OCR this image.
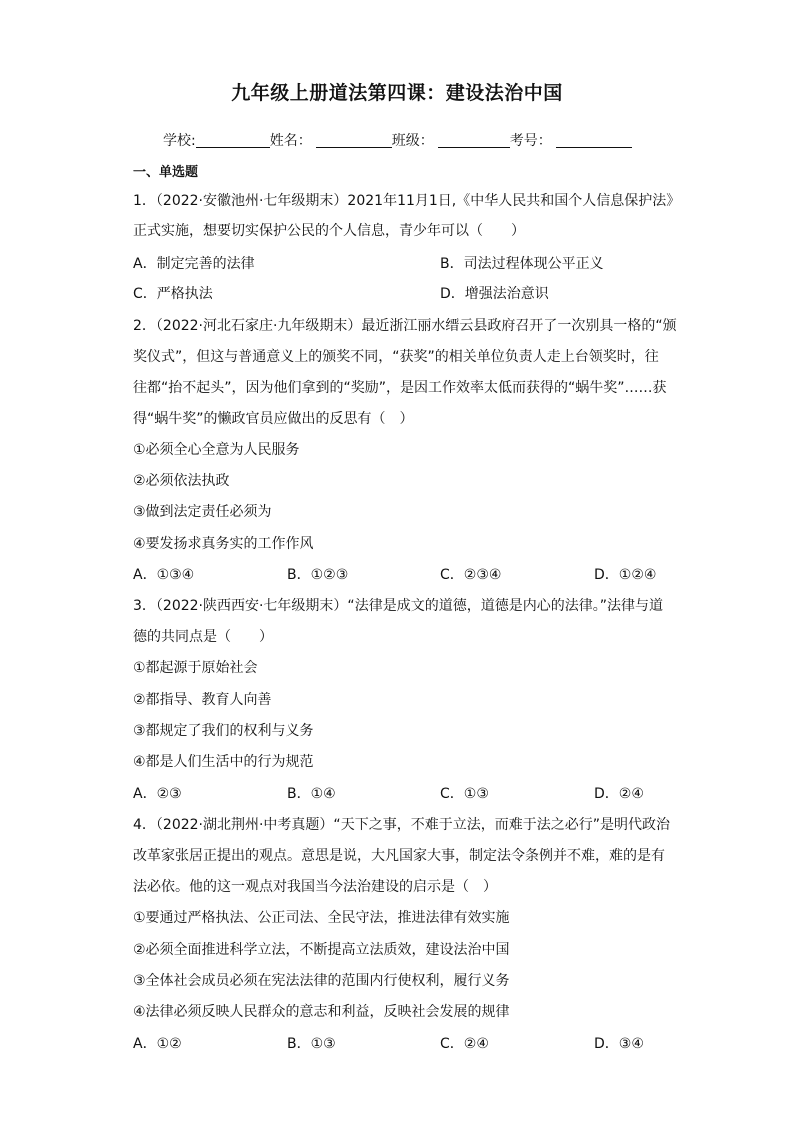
九年级上册道法第四课：建设法治中国
学校:	姓名：	班级：	考号：
一、单选题
1．（2022·安徽池州·七年级期末）2021年11月1日,《中华人民共和国个人信息保护法》
正式实施，想要切实保护公民的个人信息，青少年可以（　　）
A．制定完善的法律	B．司法过程体现公平正义
C．严格执法	D．增强法治意识
2．（2022·河北石家庄·九年级期末）最近浙江丽水缙云县政府召开了一次别具一格的“颁
奖仪式”，但这与普通意义上的颁奖不同，“获奖”的相关单位负责人走上台领奖时，往
往都“抬不起头”，因为他们拿到的“奖励”，是因工作效率太低而获得的“蜗牛奖”……获
得“蜗牛奖”的懒政官员应做出的反思有（　）
①必须全心全意为人民服务
②必须依法执政
③做到法定责任必须为
④要发扬求真务实的工作作风
A．①③④	B．①②③	C．②③④	D．①②④
3．（2022·陕西西安·七年级期末）“法律是成文的道德，道德是内心的法律。”法律与道
德的共同点是（　　）
①都起源于原始社会
②都指导、教育人向善
③都规定了我们的权利与义务
④都是人们生活中的行为规范
A．②③	B．①④	C．①③	D．②④
4．（2022·湖北荆州·中考真题）“天下之事，不难于立法，而难于法之必行”是明代政治
改革家张居正提出的观点。意思是说，大凡国家大事，制定法令条例并不难，难的是有
法必依。他的这一观点对我国当今法治建设的启示是（　）
①要通过严格执法、公正司法、全民守法，推进法律有效实施
②必须全面推进科学立法，不断提高立法质效，建设法治中国
③全体社会成员必须在宪法法律的范围内行使权利，履行义务
④法律必须反映人民群众的意志和利益，反映社会发展的规律
A．①②	B．①③	C．②④	D．③④
